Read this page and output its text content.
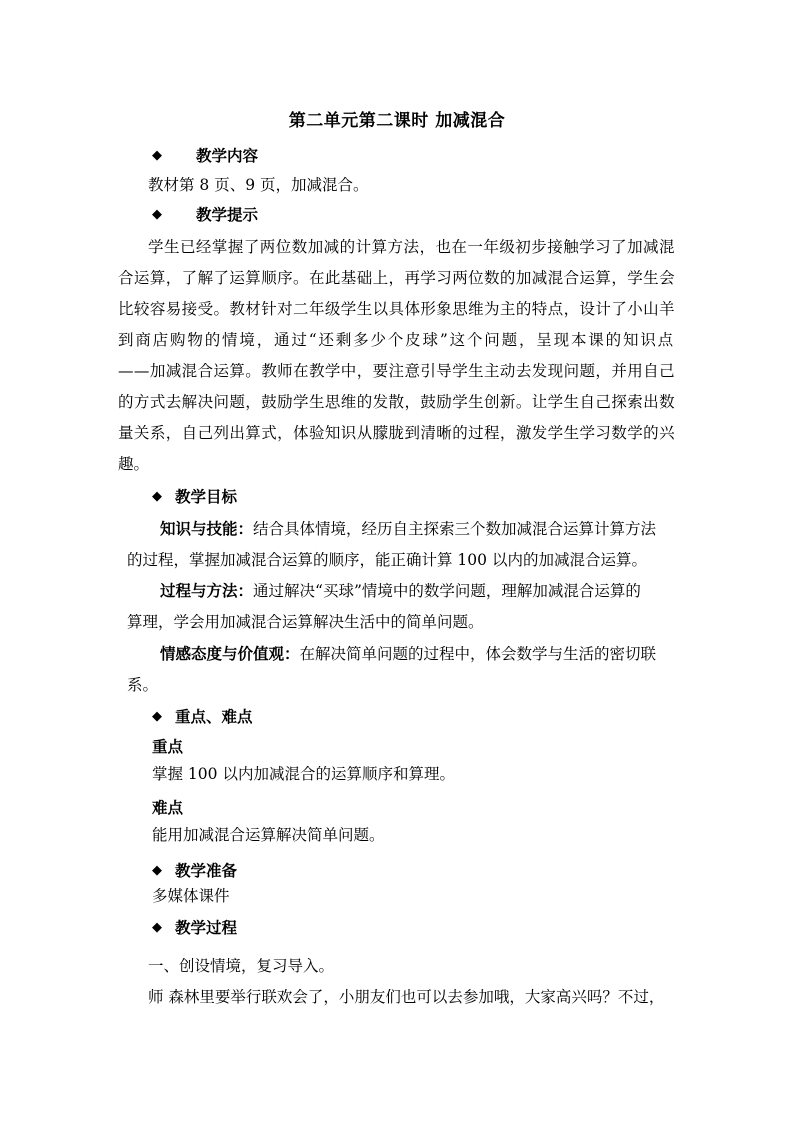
第二单元第二课时 加减混合
◆ 教学内容
教材第 8 页、9 页，加减混合。
◆ 教学提示
学生已经掌握了两位数加减的计算方法，也在一年级初步接触学习了加减混
合运算，了解了运算顺序。在此基础上，再学习两位数的加减混合运算，学生会
比较容易接受。教材针对二年级学生以具体形象思维为主的特点，设计了小山羊
到商店购物的情境，通过“还剩多少个皮球”这个问题，呈现本课的知识点
——加减混合运算。教师在教学中，要注意引导学生主动去发现问题，并用自己
的方式去解决问题，鼓励学生思维的发散，鼓励学生创新。让学生自己探索出数
量关系，自己列出算式，体验知识从朦胧到清晰的过程，激发学生学习数学的兴
趣。
◆ 教学目标
知识与技能：结合具体情境，经历自主探索三个数加减混合运算计算方法
的过程，掌握加减混合运算的顺序，能正确计算 100 以内的加减混合运算。
过程与方法：通过解决“买球”情境中的数学问题，理解加减混合运算的
算理，学会用加减混合运算解决生活中的简单问题。
情感态度与价值观：在解决简单问题的过程中，体会数学与生活的密切联
系。
◆ 重点、难点
重点
掌握 100 以内加减混合的运算顺序和算理。
难点
能用加减混合运算解决简单问题。
◆ 教学准备
多媒体课件
◆ 教学过程
一、创设情境，复习导入。
师 森林里要举行联欢会了，小朋友们也可以去参加哦，大家高兴吗？不过，
